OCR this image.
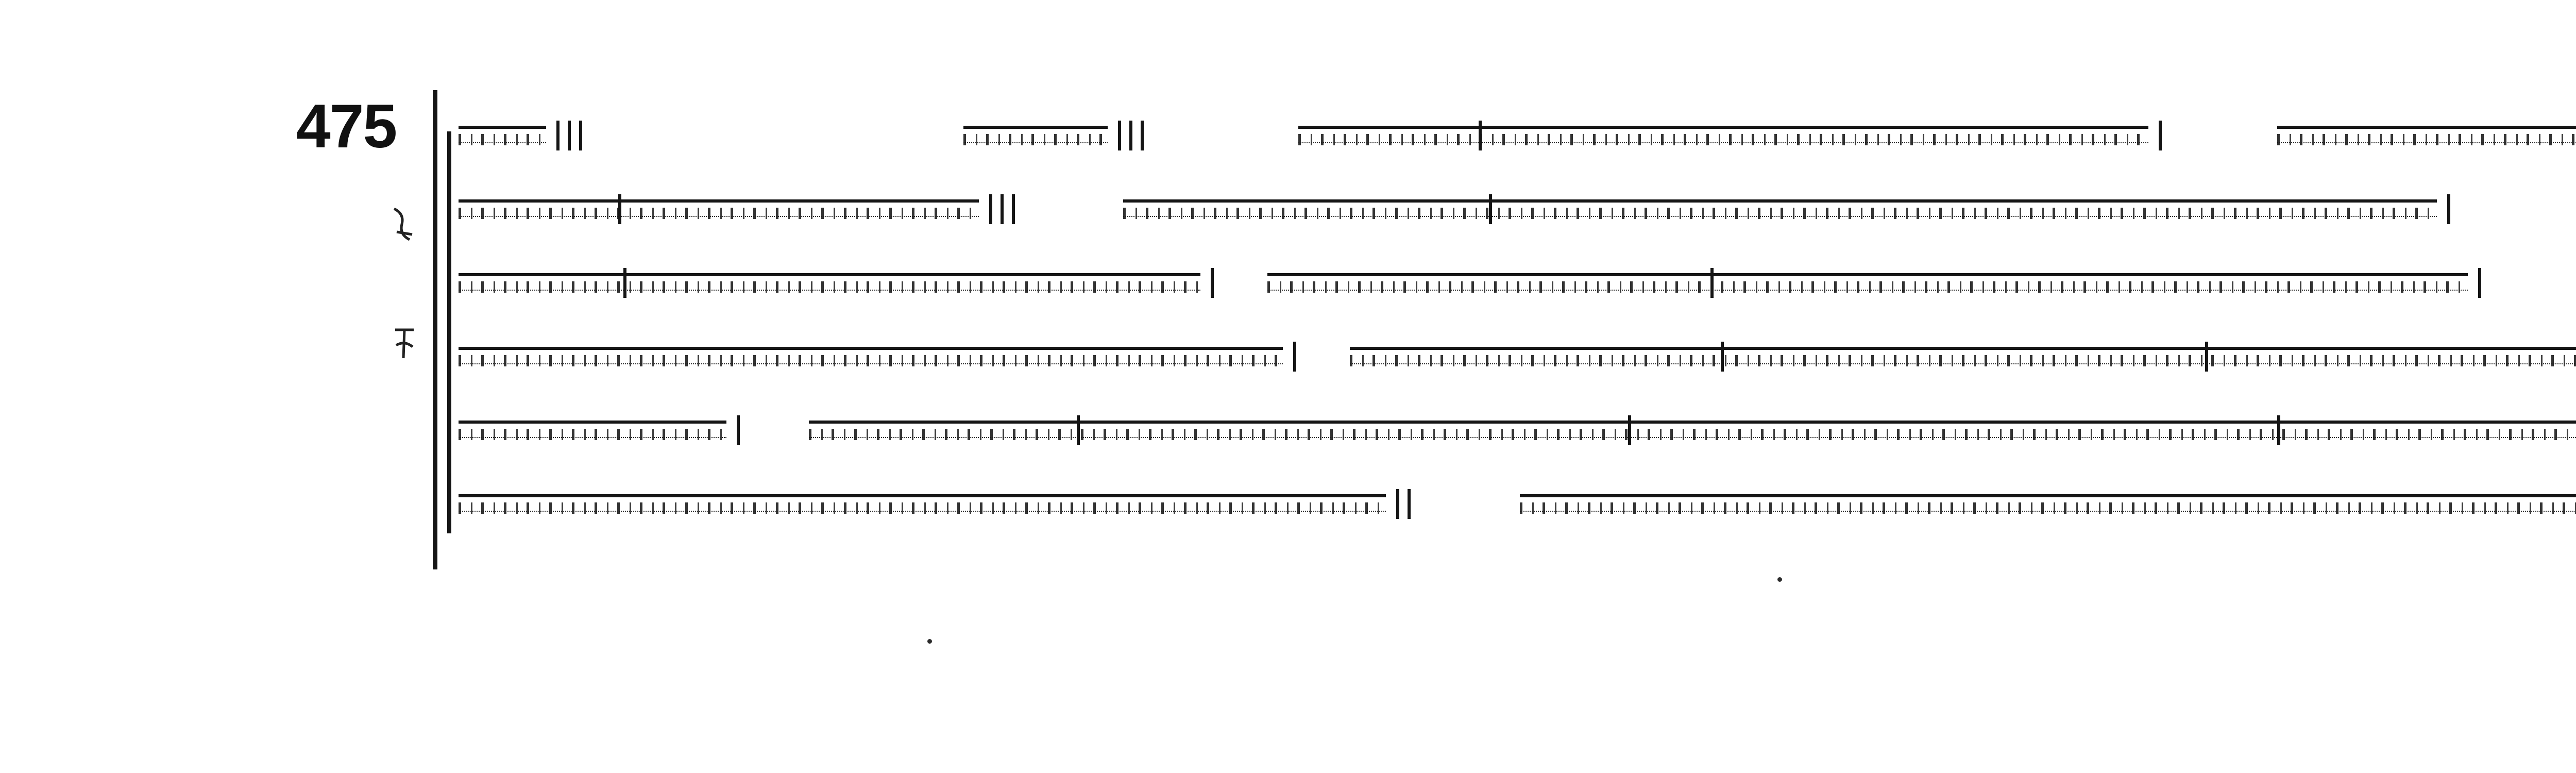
475
